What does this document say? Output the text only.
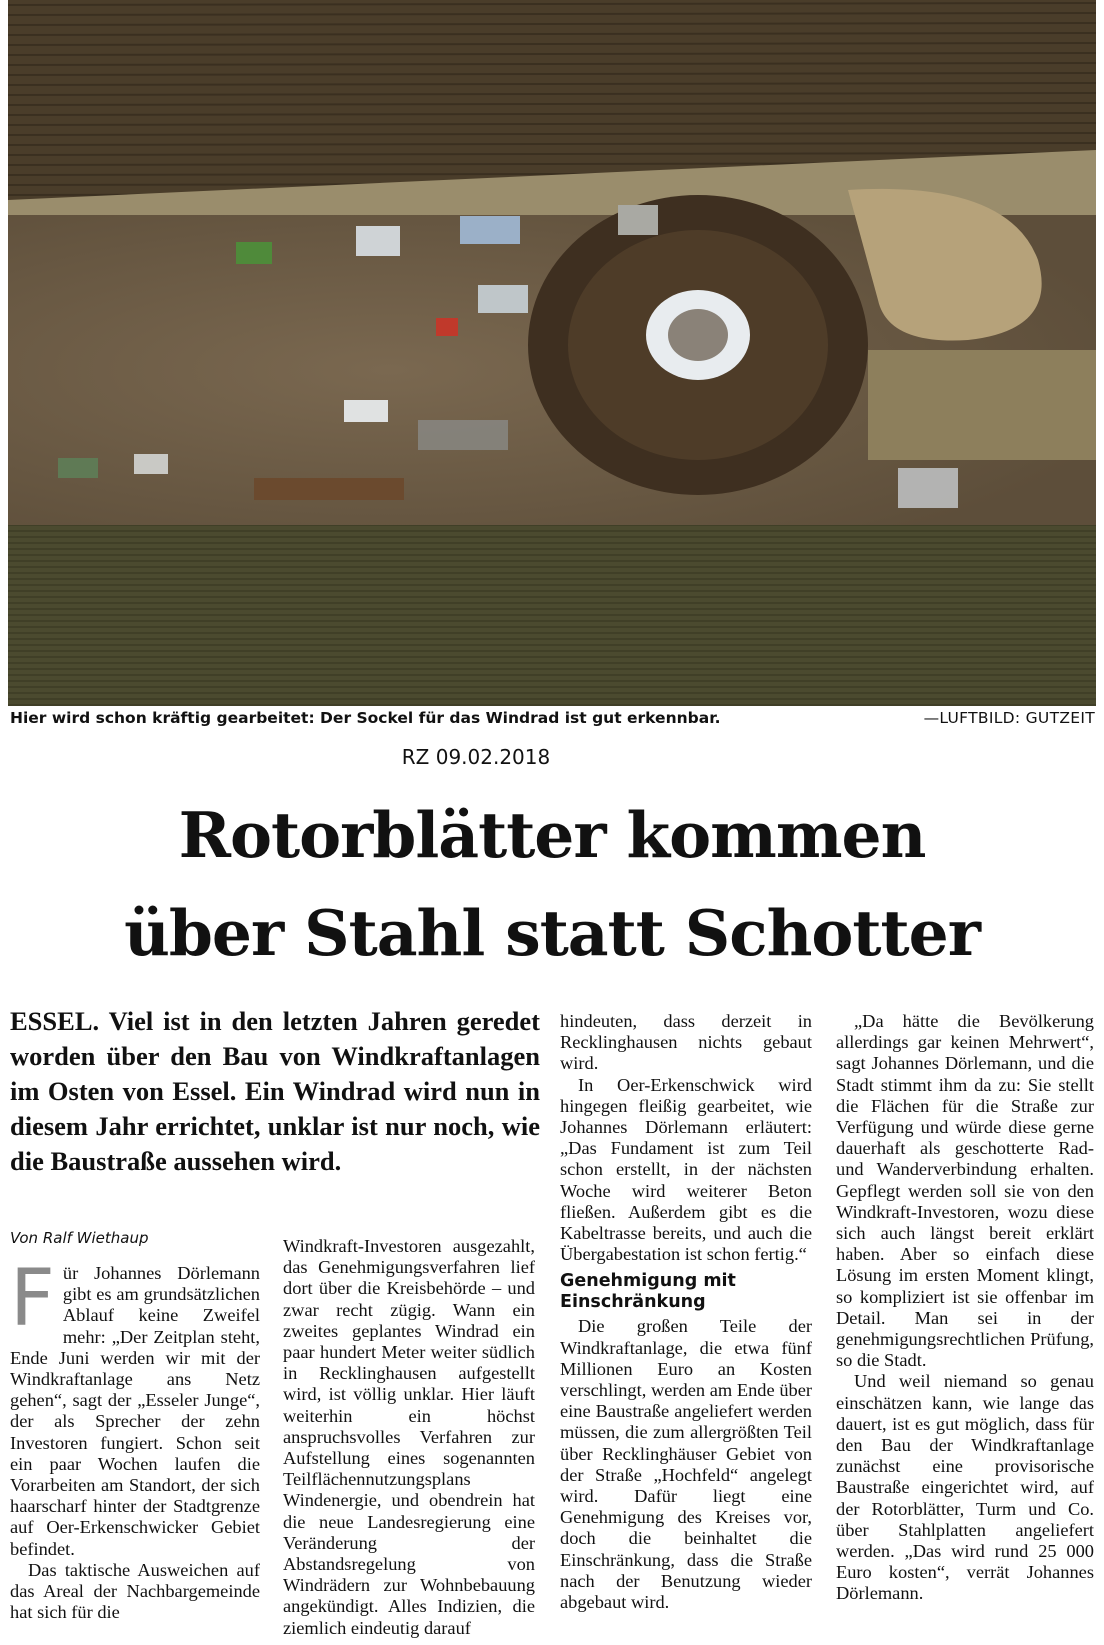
Hier wird schon kräftig gearbeitet: Der Sockel für das Windrad ist gut erkennbar.	—LUFTBILD: GUTZEIT
RZ 09.02.2018
Rotorblätter kommen
über Stahl statt Schotter
ESSEL. Viel ist in den letzten Jahren geredet worden über den Bau von Windkraftanlagen im Osten von Essel. Ein Windrad wird nun in diesem Jahr errichtet, unklar ist nur noch, wie die Baustraße aussehen wird.
Von Ralf Wiethaup
F ür Johannes Dörlemann gibt es am grundsätzlichen Ablauf keine Zweifel mehr: „Der Zeitplan steht, Ende Juni werden wir mit der Windkraftanlage ans Netz gehen“, sagt der „Esseler Junge“, der als Sprecher der zehn Investoren fungiert. Schon seit ein paar Wochen laufen die Vorarbeiten am Standort, der sich haarscharf hinter der Stadtgrenze auf Oer-Erkenschwicker Gebiet befindet.

Das taktische Ausweichen auf das Areal der Nachbargemeinde hat sich für die

Windkraft-Investoren ausgezahlt, das Genehmigungsverfahren lief dort über die Kreisbehörde – und zwar recht zügig. Wann ein zweites geplantes Windrad ein paar hundert Meter weiter südlich in Recklinghausen aufgestellt wird, ist völlig unklar. Hier läuft weiterhin ein höchst anspruchsvolles Verfahren zur Aufstellung eines sogenannten Teilflächennutzungsplans Windenergie, und obendrein hat die neue Landesregierung eine Veränderung der Abstandsregelung von Windrädern zur Wohnbebauung angekündigt. Alles Indizien, die ziemlich eindeutig darauf

hindeuten, dass derzeit in Recklinghausen nichts gebaut wird.

In Oer-Erkenschwick wird hingegen fleißig gearbeitet, wie Johannes Dörlemann erläutert: „Das Fundament ist zum Teil schon erstellt, in der nächsten Woche wird weiterer Beton fließen. Außerdem gibt es die Kabeltrasse bereits, und auch die Übergabestation ist schon fertig.“

Genehmigung mit Einschränkung

Die großen Teile der Windkraftanlage, die etwa fünf Millionen Euro an Kosten verschlingt, werden am Ende über eine Baustraße angeliefert werden müssen, die zum allergrößten Teil über Recklinghäuser Gebiet von der Straße „Hochfeld“ angelegt wird. Dafür liegt eine Genehmigung des Kreises vor, doch die beinhaltet die Einschränkung, dass die Straße nach der Benutzung wieder abgebaut wird.

„Da hätte die Bevölkerung allerdings gar keinen Mehrwert“, sagt Johannes Dörlemann, und die Stadt stimmt ihm da zu: Sie stellt die Flächen für die Straße zur Verfügung und würde diese gerne dauerhaft als geschotterte Rad- und Wanderverbindung erhalten. Gepflegt werden soll sie von den Windkraft-Investoren, wozu diese sich auch längst bereit erklärt haben. Aber so einfach diese Lösung im ersten Moment klingt, so kompliziert ist sie offenbar im Detail. Man sei in der genehmigungsrechtlichen Prüfung, so die Stadt.

Und weil niemand so genau einschätzen kann, wie lange das dauert, ist es gut möglich, dass für den Bau der Windkraftanlage zunächst eine provisorische Baustraße eingerichtet wird, auf der Rotorblätter, Turm und Co. über Stahlplatten angeliefert werden. „Das wird rund 25 000 Euro kosten“, verrät Johannes Dörlemann.
